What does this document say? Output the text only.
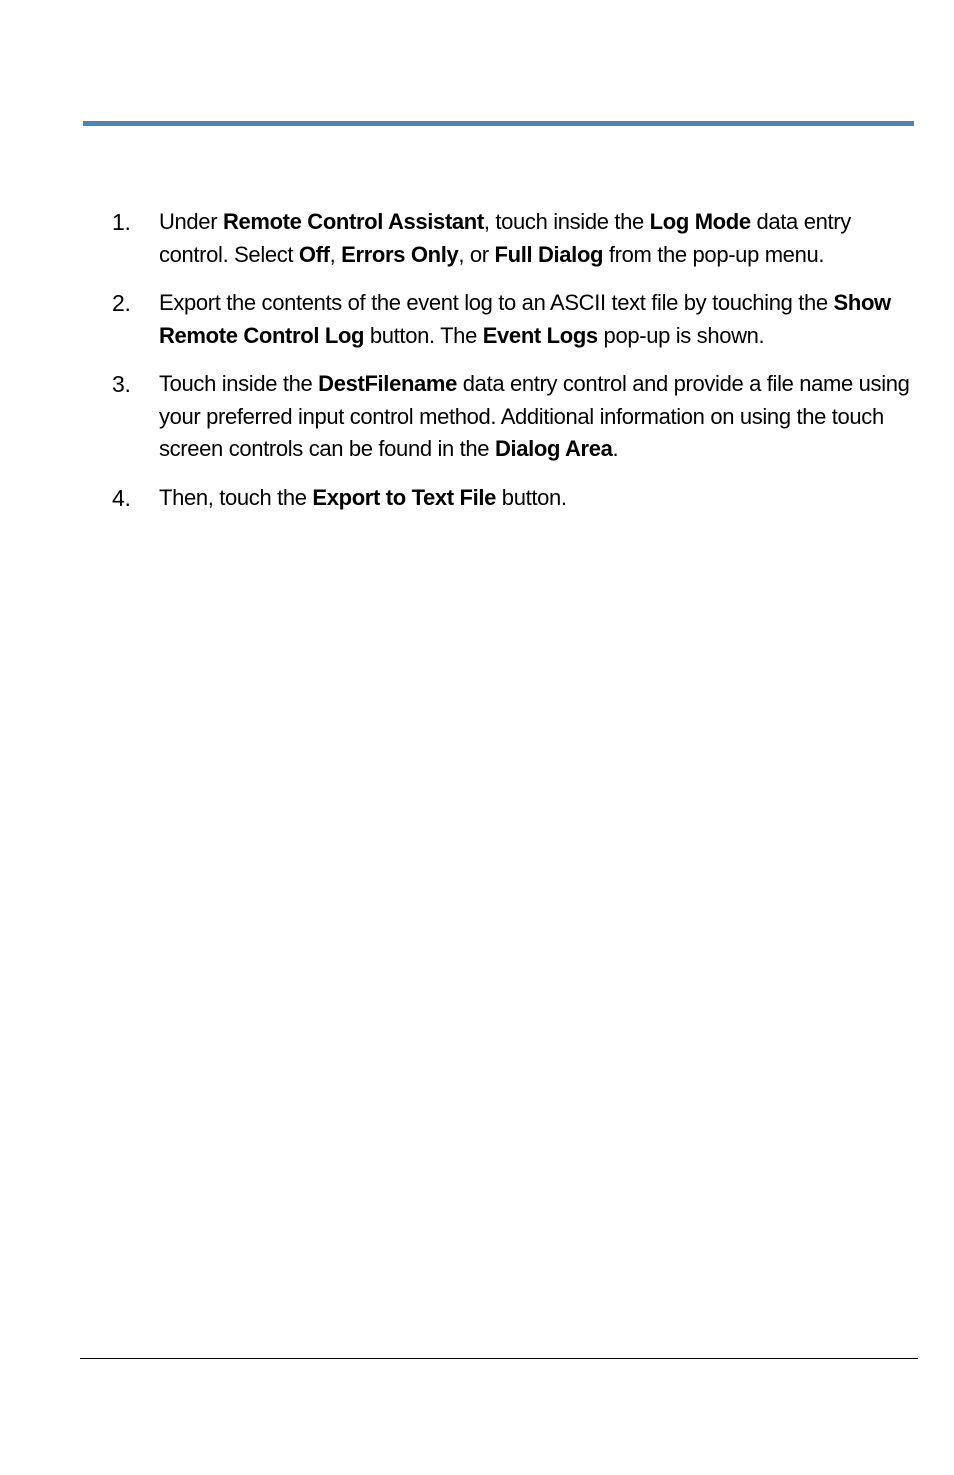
1. Under Remote Control Assistant, touch inside the Log Mode data entry control. Select Off, Errors Only, or Full Dialog from the pop-up menu.
2. Export the contents of the event log to an ASCII text file by touching the Show Remote Control Log button. The Event Logs pop-up is shown.
3. Touch inside the DestFilename data entry control and provide a file name using your preferred input control method. Additional information on using the touch screen controls can be found in the Dialog Area.
4. Then, touch the Export to Text File button.
